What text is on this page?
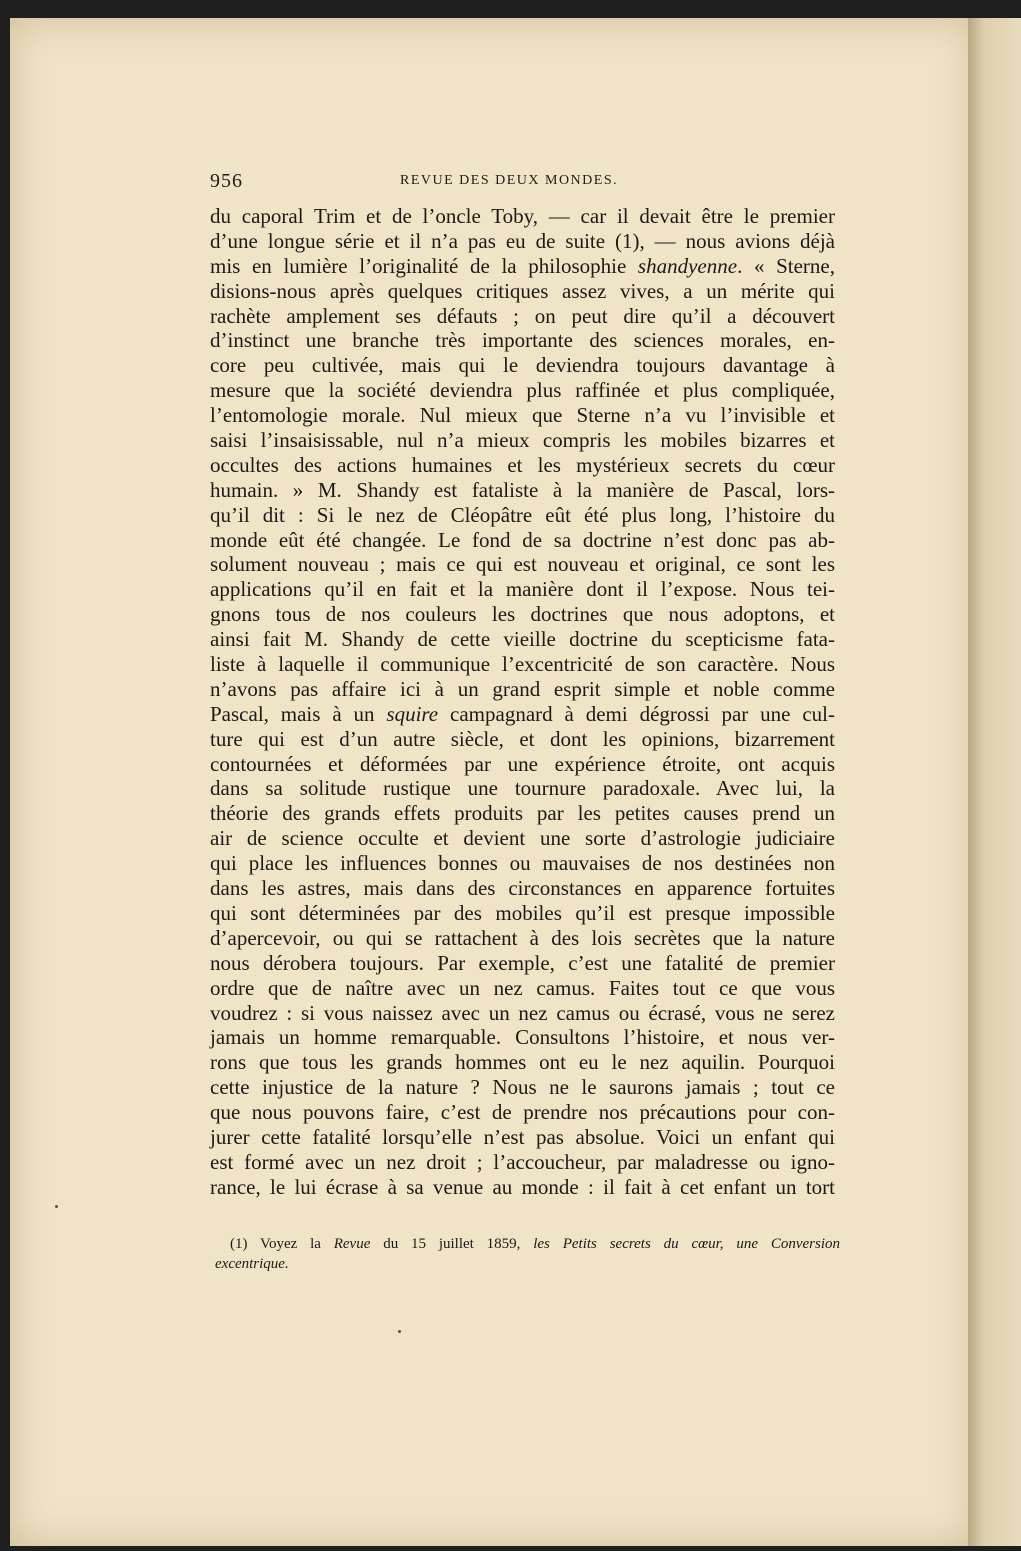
956	REVUE DES DEUX MONDES.
du caporal Trim et de l’oncle Toby, — car il devait être le premier
d’une longue série et il n’a pas eu de suite (1), — nous avions déjà
mis en lumière l’originalité de la philosophie shandyenne. « Sterne,
disions-nous après quelques critiques assez vives, a un mérite qui
rachète amplement ses défauts ; on peut dire qu’il a découvert
d’instinct une branche très importante des sciences morales, en-
core peu cultivée, mais qui le deviendra toujours davantage à
mesure que la société deviendra plus raffinée et plus compliquée,
l’entomologie morale. Nul mieux que Sterne n’a vu l’invisible et
saisi l’insaisissable, nul n’a mieux compris les mobiles bizarres et
occultes des actions humaines et les mystérieux secrets du cœur
humain. » M. Shandy est fataliste à la manière de Pascal, lors-
qu’il dit : Si le nez de Cléopâtre eût été plus long, l’histoire du
monde eût été changée. Le fond de sa doctrine n’est donc pas ab-
solument nouveau ; mais ce qui est nouveau et original, ce sont les
applications qu’il en fait et la manière dont il l’expose. Nous tei-
gnons tous de nos couleurs les doctrines que nous adoptons, et
ainsi fait M. Shandy de cette vieille doctrine du scepticisme fata-
liste à laquelle il communique l’excentricité de son caractère. Nous
n’avons pas affaire ici à un grand esprit simple et noble comme
Pascal, mais à un squire campagnard à demi dégrossi par une cul-
ture qui est d’un autre siècle, et dont les opinions, bizarrement
contournées et déformées par une expérience étroite, ont acquis
dans sa solitude rustique une tournure paradoxale. Avec lui, la
théorie des grands effets produits par les petites causes prend un
air de science occulte et devient une sorte d’astrologie judiciaire
qui place les influences bonnes ou mauvaises de nos destinées non
dans les astres, mais dans des circonstances en apparence fortuites
qui sont déterminées par des mobiles qu’il est presque impossible
d’apercevoir, ou qui se rattachent à des lois secrètes que la nature
nous dérobera toujours. Par exemple, c’est une fatalité de premier
ordre que de naître avec un nez camus. Faites tout ce que vous
voudrez : si vous naissez avec un nez camus ou écrasé, vous ne serez
jamais un homme remarquable. Consultons l’histoire, et nous ver-
rons que tous les grands hommes ont eu le nez aquilin. Pourquoi
cette injustice de la nature ? Nous ne le saurons jamais ; tout ce
que nous pouvons faire, c’est de prendre nos précautions pour con-
jurer cette fatalité lorsqu’elle n’est pas absolue. Voici un enfant qui
est formé avec un nez droit ; l’accoucheur, par maladresse ou igno-
rance, le lui écrase à sa venue au monde : il fait à cet enfant un tort
(1) Voyez la Revue du 15 juillet 1859, les Petits secrets du cœur, une Conversion
excentrique.
